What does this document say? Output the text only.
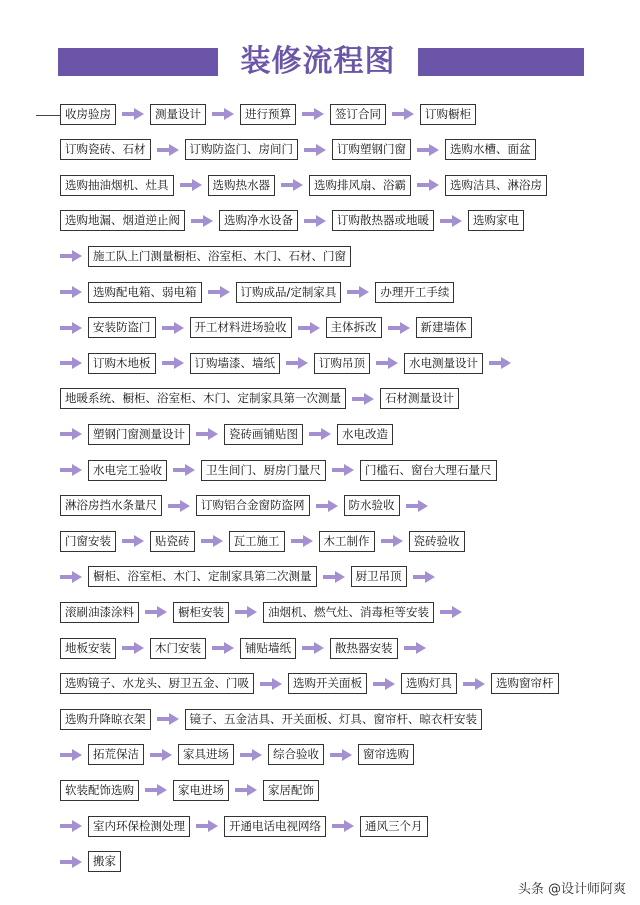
装修流程图
收房验房	测量设计	进行预算	签订合同	订购橱柜
订购瓷砖、石材	订购防盗门、房间门	订购塑钢门窗	选购水槽、面盆
选购抽油烟机、灶具	选购热水器	选购排风扇、浴霸	选购洁具、淋浴房
选购地漏、烟道逆止阀	选购净水设备	订购散热器或地暖	选购家电
施工队上门测量橱柜、浴室柜、木门、石材、门窗
选购配电箱、弱电箱	订购成品/定制家具	办理开工手续
安装防盗门	开工材料进场验收	主体拆改	新建墙体
订购木地板	订购墙漆、墙纸	订购吊顶	水电测量设计
地暖系统、橱柜、浴室柜、木门、定制家具第一次测量	石材测量设计
塑钢门窗测量设计	瓷砖画铺贴图	水电改造
水电完工验收	卫生间门、厨房门量尺	门槛石、窗台大理石量尺
淋浴房挡水条量尺	订购铝合金窗防盗网	防水验收
门窗安装	贴瓷砖	瓦工施工	木工制作	瓷砖验收
橱柜、浴室柜、木门、定制家具第二次测量	厨卫吊顶
滚刷油漆涂料	橱柜安装	油烟机、燃气灶、消毒柜等安装
地板安装	木门安装	铺贴墙纸	散热器安装
选购镜子、水龙头、厨卫五金、门吸	选购开关面板	选购灯具	选购窗帘杆
选购升降晾衣架	镜子、五金洁具、开关面板、灯具、窗帘杆、晾衣杆安装
拓荒保洁	家具进场	综合验收	窗帘选购
软装配饰选购	家电进场	家居配饰
室内环保检测处理	开通电话电视网络	通风三个月
搬家
头条 @设计师阿爽
